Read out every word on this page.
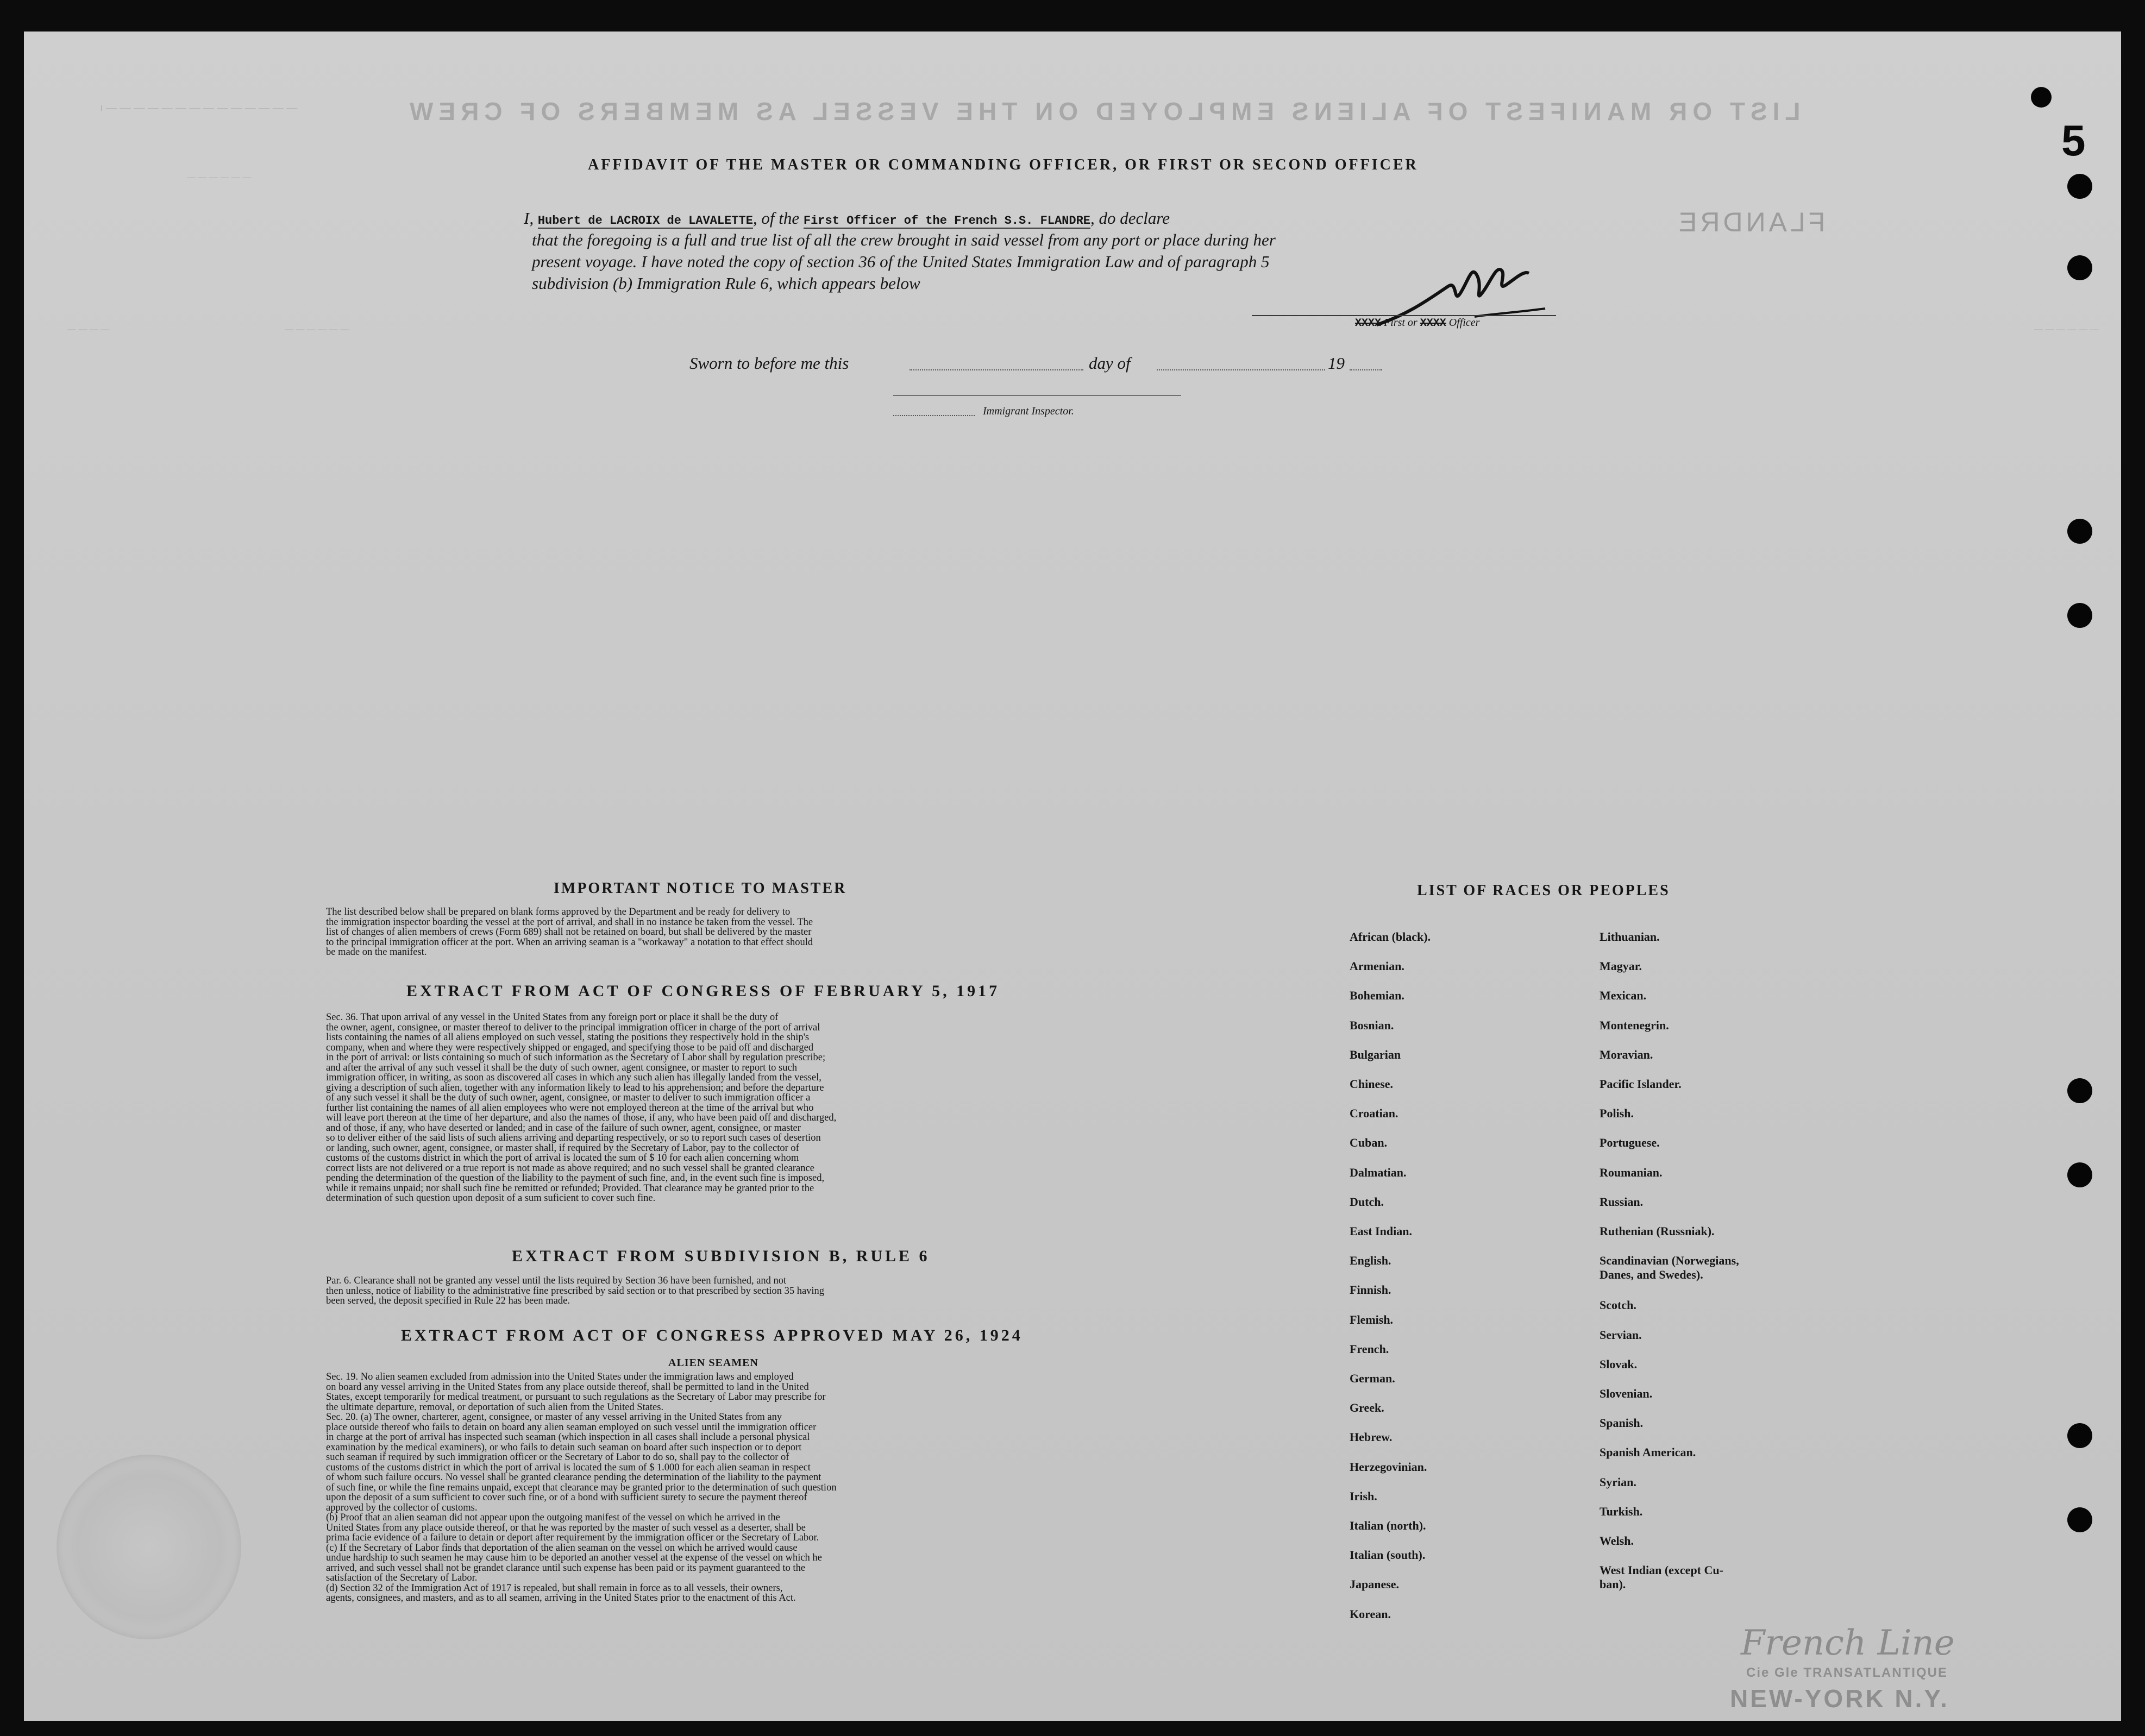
LIST OR MANIFEST OF ALIENS EMPLOYED ON THE VESSEL AS MEMBERS OF CREW
FLANDRE
ı — — — — — — — — — — — — — —
— — — — — —
— — — —	— — — — — —	— — — — — —
5
AFFIDAVIT OF THE MASTER OR COMMANDING OFFICER, OR FIRST OR SECOND OFFICER
I, Hubert de LACROIX de LAVALETTE, of the First Officer of the French S.S. FLANDRE, do declare
that the foregoing is a full and true list of all the crew brought in said vessel from any port or place during her
present voyage. I have noted the copy of section 36 of the United States Immigration Law and of paragraph 5
subdivision (b) Immigration Rule 6, which appears below
XXXX First or XXXX Officer
Sworn to before me this	day of	19
Immigrant Inspector.
IMPORTANT NOTICE TO MASTER
The list described below shall be prepared on blank forms approved by the Department and be ready for delivery to
the immigration inspector boarding the vessel at the port of arrival, and shall in no instance be taken from the vessel. The
list of changes of alien members of crews (Form 689) shall not be retained on board, but shall be delivered by the master
to the principal immigration officer at the port. When an arriving seaman is a "workaway" a notation to that effect should
be made on the manifest.
EXTRACT FROM ACT OF CONGRESS OF FEBRUARY 5, 1917
Sec. 36. That upon arrival of any vessel in the United States from any foreign port or place it shall be the duty of
the owner, agent, consignee, or master thereof to deliver to the principal immigration officer in charge of the port of arrival
lists containing the names of all aliens employed on such vessel, stating the positions they respectively hold in the ship's
company, when and where they were respectively shipped or engaged, and specifying those to be paid off and discharged
in the port of arrival: or lists containing so much of such information as the Secretary of Labor shall by regulation prescribe;
and after the arrival of any such vessel it shall be the duty of such owner, agent consignee, or master to report to such
immigration officer, in writing, as soon as discovered all cases in which any such alien has illegally landed from the vessel,
giving a description of such alien, together with any information likely to lead to his apprehension; and before the departure
of any such vessel it shall be the duty of such owner, agent, consignee, or master to deliver to such immigration officer a
further list containing the names of all alien employees who were not employed thereon at the time of the arrival but who
will leave port thereon at the time of her departure, and also the names of those, if any, who have been paid off and discharged,
and of those, if any, who have deserted or landed; and in case of the failure of such owner, agent, consignee, or master
so to deliver either of the said lists of such aliens arriving and departing respectively, or so to report such cases of desertion
or landing, such owner, agent, consignee, or master shall, if required by the Secretary of Labor, pay to the collector of
customs of the customs district in which the port of arrival is located the sum of $ 10 for each alien concerning whom
correct lists are not delivered or a true report is not made as above required; and no such vessel shall be granted clearance
pending the determination of the question of the liability to the payment of such fine, and, in the event such fine is imposed,
while it remains unpaid; nor shall such fine be remitted or refunded; Provided. That clearance may be granted prior to the
determination of such question upon deposit of a sum suficient to cover such fine.
EXTRACT FROM SUBDIVISION B, RULE 6
Par. 6. Clearance shall not be granted any vessel until the lists required by Section 36 have been furnished, and not
then unless, notice of liability to the administrative fine prescribed by said section or to that prescribed by section 35 having
been served, the deposit specified in Rule 22 has been made.
EXTRACT FROM ACT OF CONGRESS APPROVED MAY 26, 1924
ALIEN SEAMEN
Sec. 19. No alien seamen excluded from admission into the United States under the immigration laws and employed
on board any vessel arriving in the United States from any place outside thereof, shall be permitted to land in the United
States, except temporarily for medical treatment, or pursuant to such regulations as the Secretary of Labor may prescribe for
the ultimate departure, removal, or deportation of such alien from the United States.
Sec. 20. (a) The owner, charterer, agent, consignee, or master of any vessel arriving in the United States from any
place outside thereof who fails to detain on board any alien seaman employed on such vessel until the immigration officer
in charge at the port of arrival has inspected such seaman (which inspection in all cases shall include a personal physical
examination by the medical examiners), or who fails to detain such seaman on board after such inspection or to deport
such seaman if required by such immigration officer or the Secretary of Labor to do so, shall pay to the collector of
customs of the customs district in which the port of arrival is located the sum of $ 1.000 for each alien seaman in respect
of whom such failure occurs. No vessel shall be granted clearance pending the determination of the liability to the payment
of such fine, or while the fine remains unpaid, except that clearance may be granted prior to the determination of such question
upon the deposit of a sum sufficient to cover such fine, or of a bond with sufficient surety to secure the payment thereof
approved by the collector of customs.
(b) Proof that an alien seaman did not appear upon the outgoing manifest of the vessel on which he arrived in the
United States from any place outside thereof, or that he was reported by the master of such vessel as a deserter, shall be
prima facie evidence of a failure to detain or deport after requirement by the immigration officer or the Secretary of Labor.
(c) If the Secretary of Labor finds that deportation of the alien seaman on the vessel on which he arrived would cause
undue hardship to such seamen he may cause him to be deported an another vessel at the expense of the vessel on which he
arrived, and such vessel shall not be grandet clarance until such expense has been paid or its payment guaranteed to the
satisfaction of the Secretary of Labor.
(d) Section 32 of the Immigration Act of 1917 is repealed, but shall remain in force as to all vessels, their owners,
agents, consignees, and masters, and as to all seamen, arriving in the United States prior to the enactment of this Act.
LIST OF RACES OR PEOPLES
African (black).
Armenian.
Bohemian.
Bosnian.
Bulgarian
Chinese.
Croatian.
Cuban.
Dalmatian.
Dutch.
East Indian.
English.
Finnish.
Flemish.
French.
German.
Greek.
Hebrew.
Herzegovinian.
Irish.
Italian (north).
Italian (south).
Japanese.
Korean.
Lithuanian.
Magyar.
Mexican.
Montenegrin.
Moravian.
Pacific Islander.
Polish.
Portuguese.
Roumanian.
Russian.
Ruthenian (Russniak).
Scandinavian (Norwegians,
Danes, and Swedes).
Scotch.
Servian.
Slovak.
Slovenian.
Spanish.
Spanish American.
Syrian.
Turkish.
Welsh.
West Indian (except Cu-
ban).
French Line
Cie Gle TRANSATLANTIQUE
NEW-YORK N.Y.
